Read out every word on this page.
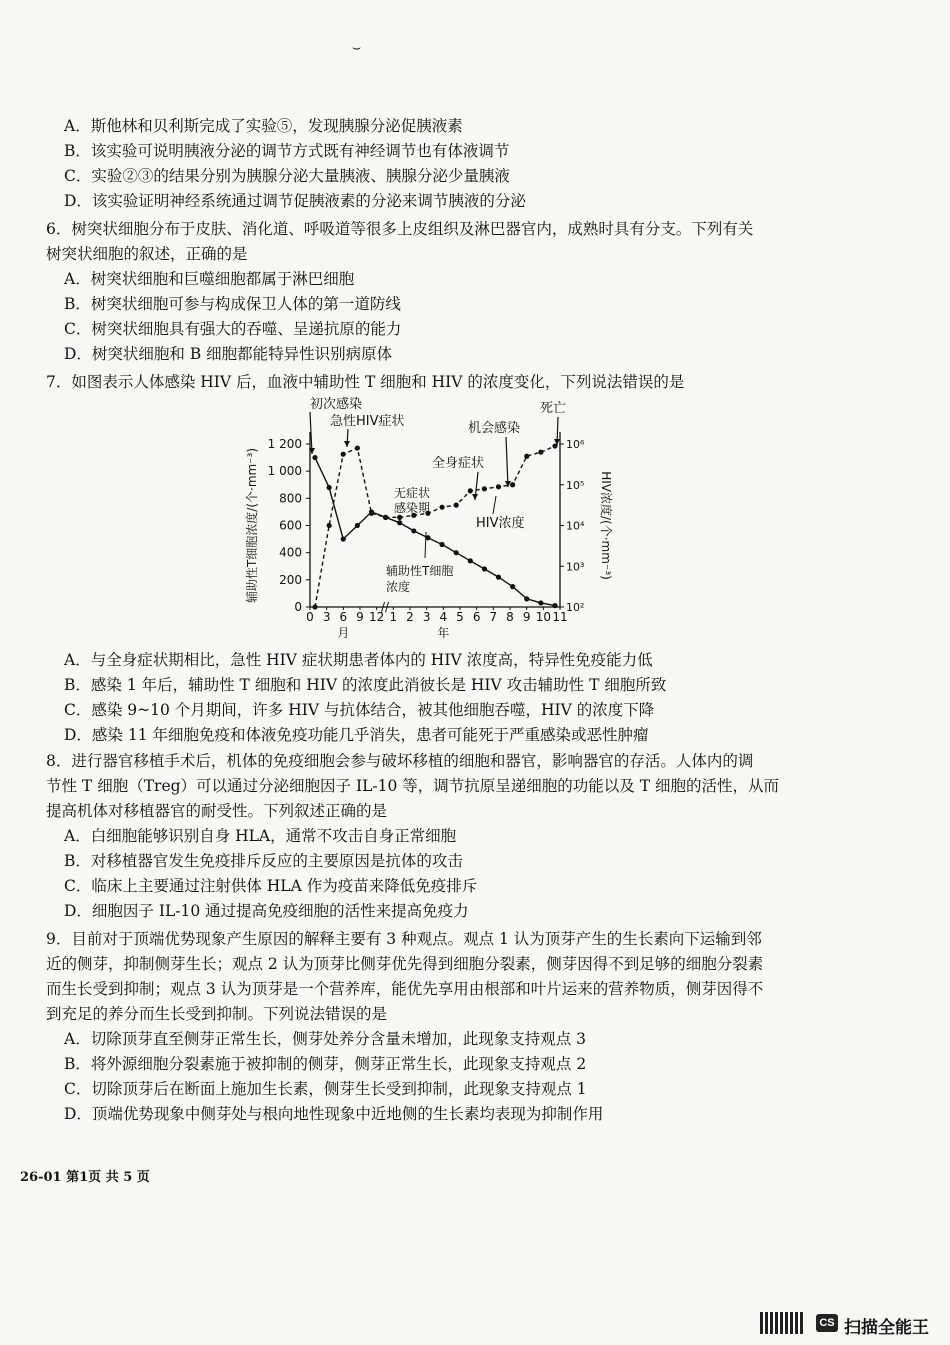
⌣
A．斯他林和贝利斯完成了实验⑤，发现胰腺分泌促胰液素
B．该实验可说明胰液分泌的调节方式既有神经调节也有体液调节
C．实验②③的结果分别为胰腺分泌大量胰液、胰腺分泌少量胰液
D．该实验证明神经系统通过调节促胰液素的分泌来调节胰液的分泌
6．树突状细胞分布于皮肤、消化道、呼吸道等很多上皮组织及淋巴器官内，成熟时具有分支。下列有关
树突状细胞的叙述，正确的是
A．树突状细胞和巨噬细胞都属于淋巴细胞
B．树突状细胞可参与构成保卫人体的第一道防线
C．树突状细胞具有强大的吞噬、呈递抗原的能力
D．树突状细胞和 B 细胞都能特异性识别病原体
7．如图表示人体感染 HIV 后，血液中辅助性 T 细胞和 HIV 的浓度变化，下列说法错误的是
//
0
200
400
600
800
1 000
1 200
10²
10³
10⁴
10⁵
10⁶
0 3 6 9 12 1 2 3 4 5 6 7 8 9 10 11
月	年
辅助性T细胞浓度/(个·mm⁻³)	HIV浓度/(个·mm⁻³)
初次感染
急性HIV症状
无症状
感染期
全身症状
机会感染
死亡
HIV浓度
辅助性T细胞
浓度
A．与全身症状期相比，急性 HIV 症状期患者体内的 HIV 浓度高，特异性免疫能力低
B．感染 1 年后，辅助性 T 细胞和 HIV 的浓度此消彼长是 HIV 攻击辅助性 T 细胞所致
C．感染 9~10 个月期间，许多 HIV 与抗体结合，被其他细胞吞噬，HIV 的浓度下降
D．感染 11 年细胞免疫和体液免疫功能几乎消失，患者可能死于严重感染或恶性肿瘤
8．进行器官移植手术后，机体的免疫细胞会参与破坏移植的细胞和器官，影响器官的存活。人体内的调
节性 T 细胞（Treg）可以通过分泌细胞因子 IL-10 等，调节抗原呈递细胞的功能以及 T 细胞的活性，从而
提高机体对移植器官的耐受性。下列叙述正确的是
A．白细胞能够识别自身 HLA，通常不攻击自身正常细胞
B．对移植器官发生免疫排斥反应的主要原因是抗体的攻击
C．临床上主要通过注射供体 HLA 作为疫苗来降低免疫排斥
D．细胞因子 IL-10 通过提高免疫细胞的活性来提高免疫力
9．目前对于顶端优势现象产生原因的解释主要有 3 种观点。观点 1 认为顶芽产生的生长素向下运输到邻
近的侧芽，抑制侧芽生长；观点 2 认为顶芽比侧芽优先得到细胞分裂素，侧芽因得不到足够的细胞分裂素
而生长受到抑制；观点 3 认为顶芽是一个营养库，能优先享用由根部和叶片运来的营养物质，侧芽因得不
到充足的养分而生长受到抑制。下列说法错误的是
A．切除顶芽直至侧芽正常生长，侧芽处养分含量未增加，此现象支持观点 3
B．将外源细胞分裂素施于被抑制的侧芽，侧芽正常生长，此现象支持观点 2
C．切除顶芽后在断面上施加生长素，侧芽生长受到抑制，此现象支持观点 1
D．顶端优势现象中侧芽处与根向地性现象中近地侧的生长素均表现为抑制作用
26-01 第1页 共 5 页
CS 扫描全能王
